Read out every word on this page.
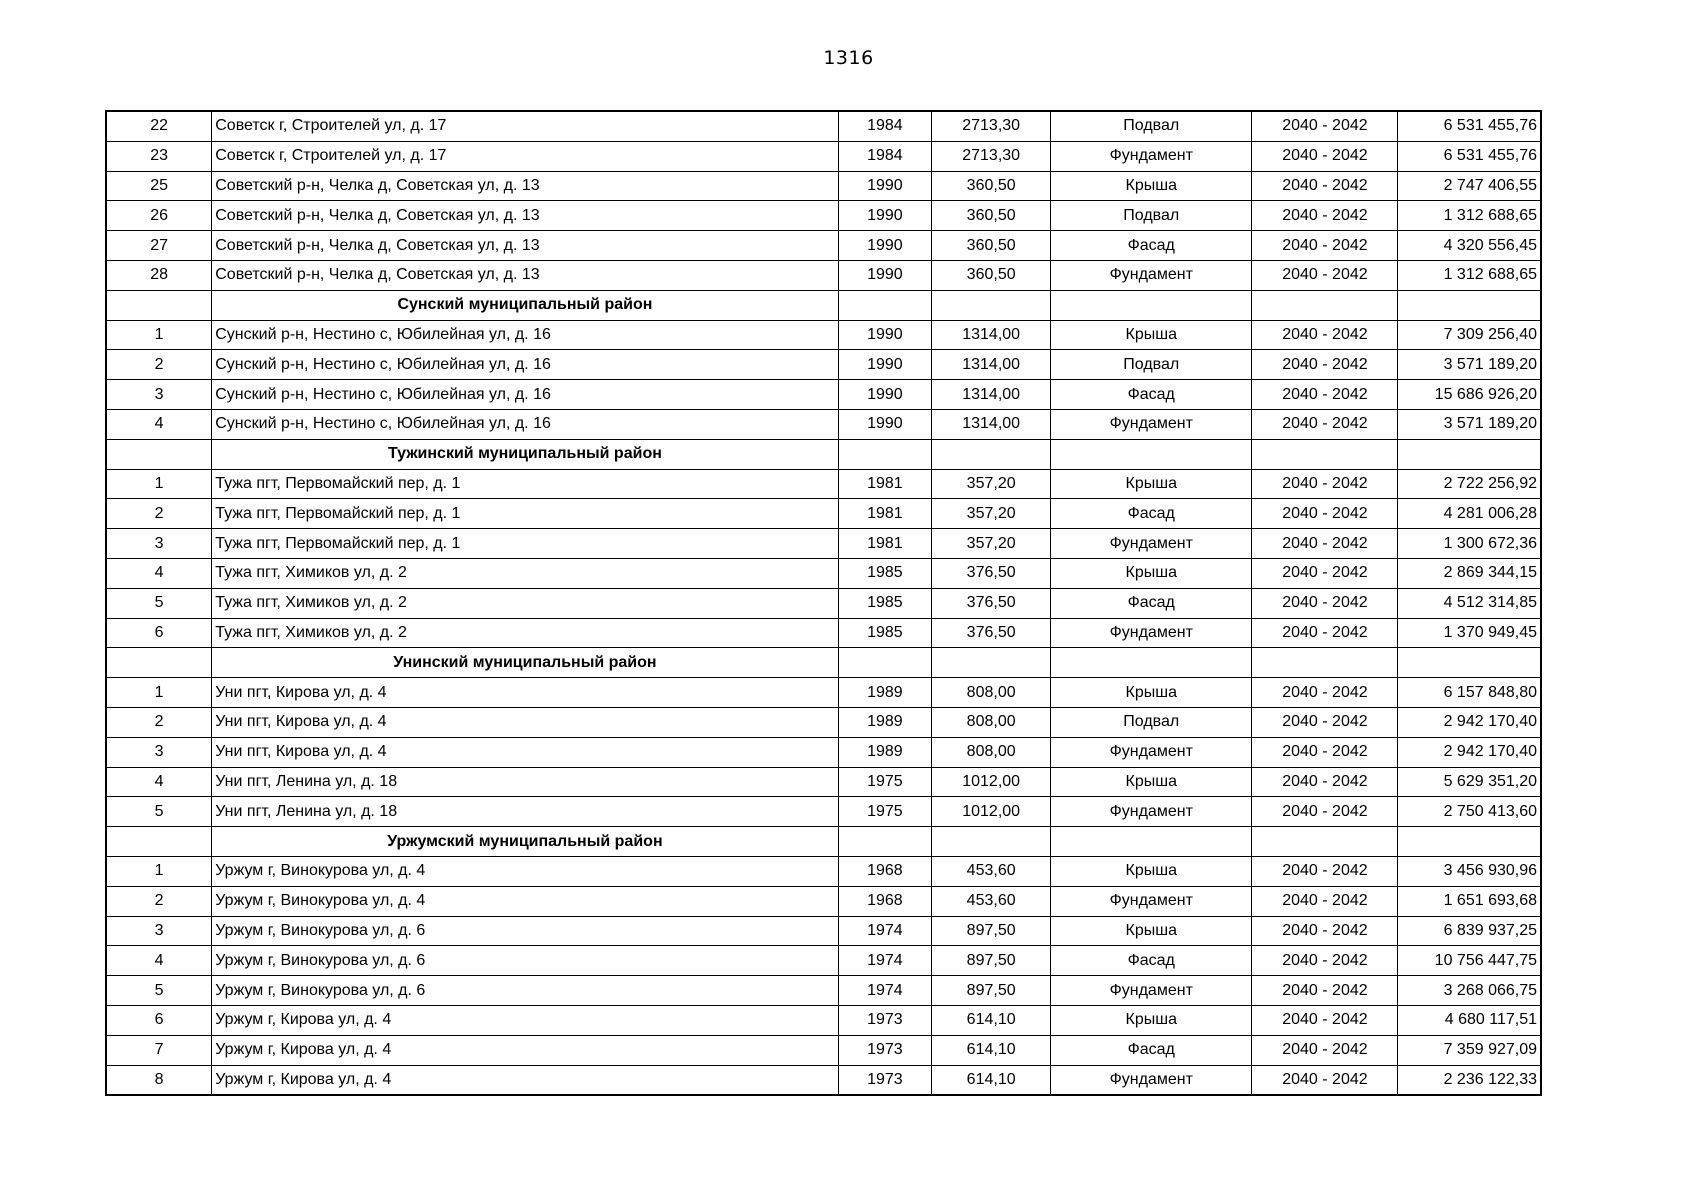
1316
22	Советск г, Строителей ул, д. 17	1984	2713,30	Подвал	2040 - 2042	6 531 455,76
23	Советск г, Строителей ул, д. 17	1984	2713,30	Фундамент	2040 - 2042	6 531 455,76
25	Советский р-н, Челка д, Советская ул, д. 13	1990	360,50	Крыша	2040 - 2042	2 747 406,55
26	Советский р-н, Челка д, Советская ул, д. 13	1990	360,50	Подвал	2040 - 2042	1 312 688,65
27	Советский р-н, Челка д, Советская ул, д. 13	1990	360,50	Фасад	2040 - 2042	4 320 556,45
28	Советский р-н, Челка д, Советская ул, д. 13	1990	360,50	Фундамент	2040 - 2042	1 312 688,65
	Сунский муниципальный район					
1	Сунский р-н, Нестино с, Юбилейная ул, д. 16	1990	1314,00	Крыша	2040 - 2042	7 309 256,40
2	Сунский р-н, Нестино с, Юбилейная ул, д. 16	1990	1314,00	Подвал	2040 - 2042	3 571 189,20
3	Сунский р-н, Нестино с, Юбилейная ул, д. 16	1990	1314,00	Фасад	2040 - 2042	15 686 926,20
4	Сунский р-н, Нестино с, Юбилейная ул, д. 16	1990	1314,00	Фундамент	2040 - 2042	3 571 189,20
	Тужинский муниципальный район					
1	Тужа пгт, Первомайский пер, д. 1	1981	357,20	Крыша	2040 - 2042	2 722 256,92
2	Тужа пгт, Первомайский пер, д. 1	1981	357,20	Фасад	2040 - 2042	4 281 006,28
3	Тужа пгт, Первомайский пер, д. 1	1981	357,20	Фундамент	2040 - 2042	1 300 672,36
4	Тужа пгт, Химиков ул, д. 2	1985	376,50	Крыша	2040 - 2042	2 869 344,15
5	Тужа пгт, Химиков ул, д. 2	1985	376,50	Фасад	2040 - 2042	4 512 314,85
6	Тужа пгт, Химиков ул, д. 2	1985	376,50	Фундамент	2040 - 2042	1 370 949,45
	Унинский муниципальный район					
1	Уни пгт, Кирова ул, д. 4	1989	808,00	Крыша	2040 - 2042	6 157 848,80
2	Уни пгт, Кирова ул, д. 4	1989	808,00	Подвал	2040 - 2042	2 942 170,40
3	Уни пгт, Кирова ул, д. 4	1989	808,00	Фундамент	2040 - 2042	2 942 170,40
4	Уни пгт, Ленина ул, д. 18	1975	1012,00	Крыша	2040 - 2042	5 629 351,20
5	Уни пгт, Ленина ул, д. 18	1975	1012,00	Фундамент	2040 - 2042	2 750 413,60
	Уржумский муниципальный район					
1	Уржум г, Винокурова ул, д. 4	1968	453,60	Крыша	2040 - 2042	3 456 930,96
2	Уржум г, Винокурова ул, д. 4	1968	453,60	Фундамент	2040 - 2042	1 651 693,68
3	Уржум г, Винокурова ул, д. 6	1974	897,50	Крыша	2040 - 2042	6 839 937,25
4	Уржум г, Винокурова ул, д. 6	1974	897,50	Фасад	2040 - 2042	10 756 447,75
5	Уржум г, Винокурова ул, д. 6	1974	897,50	Фундамент	2040 - 2042	3 268 066,75
6	Уржум г, Кирова ул, д. 4	1973	614,10	Крыша	2040 - 2042	4 680 117,51
7	Уржум г, Кирова ул, д. 4	1973	614,10	Фасад	2040 - 2042	7 359 927,09
8	Уржум г, Кирова ул, д. 4	1973	614,10	Фундамент	2040 - 2042	2 236 122,33
